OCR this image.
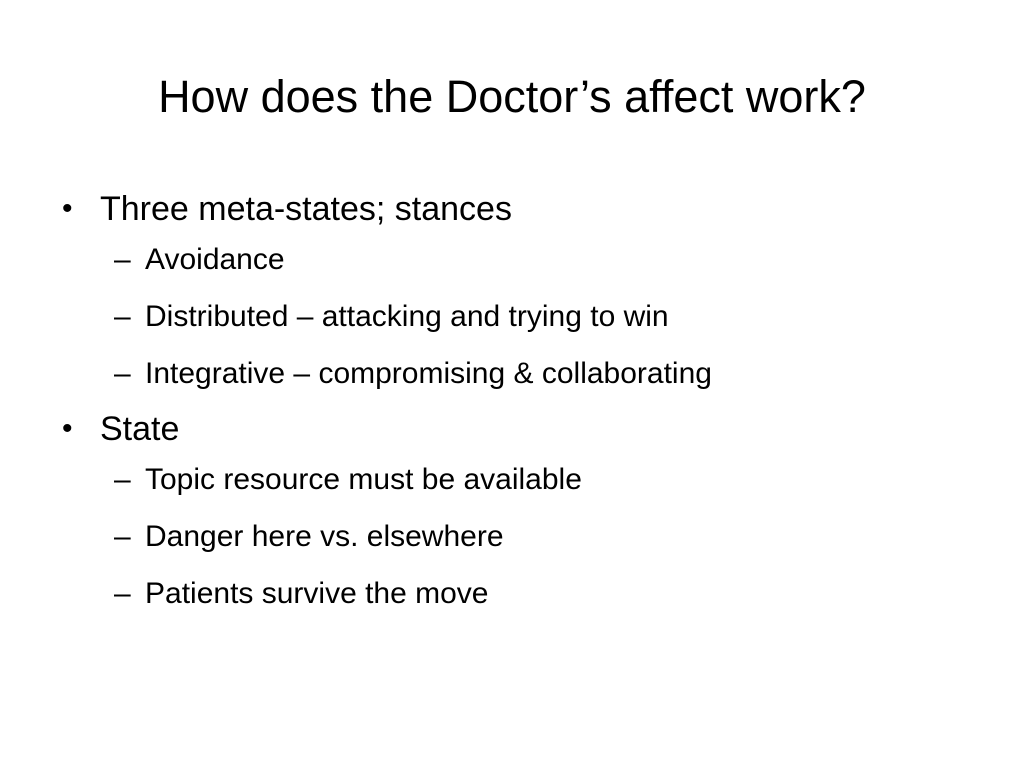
How does the Doctor’s affect work?
• Three meta-states; stances
– Avoidance
– Distributed – attacking and trying to win
– Integrative – compromising & collaborating
• State
– Topic resource must be available
– Danger here vs. elsewhere
– Patients survive the move
